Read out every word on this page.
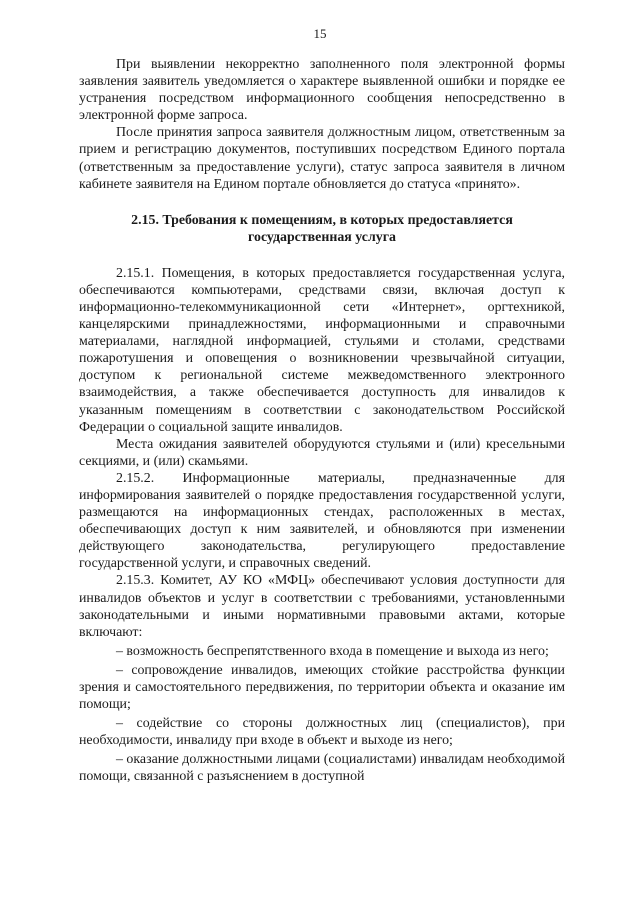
15

При выявлении некорректно заполненного поля электронной формы заявления заявитель уведомляется о характере выявленной ошибки и порядке ее устранения посредством информационного сообщения непосредственно в электронной форме запроса.

После принятия запроса заявителя должностным лицом, ответственным за прием и регистрацию документов, поступивших посредством Единого портала (ответственным за предоставление услуги), статус запроса заявителя в личном кабинете заявителя на Едином портале обновляется до статуса «принято».

2.15. Требования к помещениям, в которых предоставляется государственная услуга

2.15.1. Помещения, в которых предоставляется государственная услуга, обеспечиваются компьютерами, средствами связи, включая доступ к информационно-телекоммуникационной сети «Интернет», оргтехникой, канцелярскими принадлежностями, информационными и справочными материалами, наглядной информацией, стульями и столами, средствами пожаротушения и оповещения о возникновении чрезвычайной ситуации, доступом к региональной системе межведомственного электронного взаимодействия, а также обеспечивается доступность для инвалидов к указанным помещениям в соответствии с законодательством Российской Федерации о социальной защите инвалидов.

Места ожидания заявителей оборудуются стульями и (или) кресельными секциями, и (или) скамьями.

2.15.2. Информационные материалы, предназначенные для информирования заявителей о порядке предоставления государственной услуги, размещаются на информационных стендах, расположенных в местах, обеспечивающих доступ к ним заявителей, и обновляются при изменении действующего законодательства, регулирующего предоставление государственной услуги, и справочных сведений.

2.15.3. Комитет, АУ КО «МФЦ» обеспечивают условия доступности для инвалидов объектов и услуг в соответствии с требованиями, установленными законодательными и иными нормативными правовыми актами, которые включают:

– возможность беспрепятственного входа в помещение и выхода из него;

– сопровождение инвалидов, имеющих стойкие расстройства функции зрения и самостоятельного передвижения, по территории объекта и оказание им помощи;

– содействие со стороны должностных лиц (специалистов), при необходимости, инвалиду при входе в объект и выходе из него;

– оказание должностными лицами (социалистами) инвалидам необходимой помощи, связанной с разъяснением в доступной
